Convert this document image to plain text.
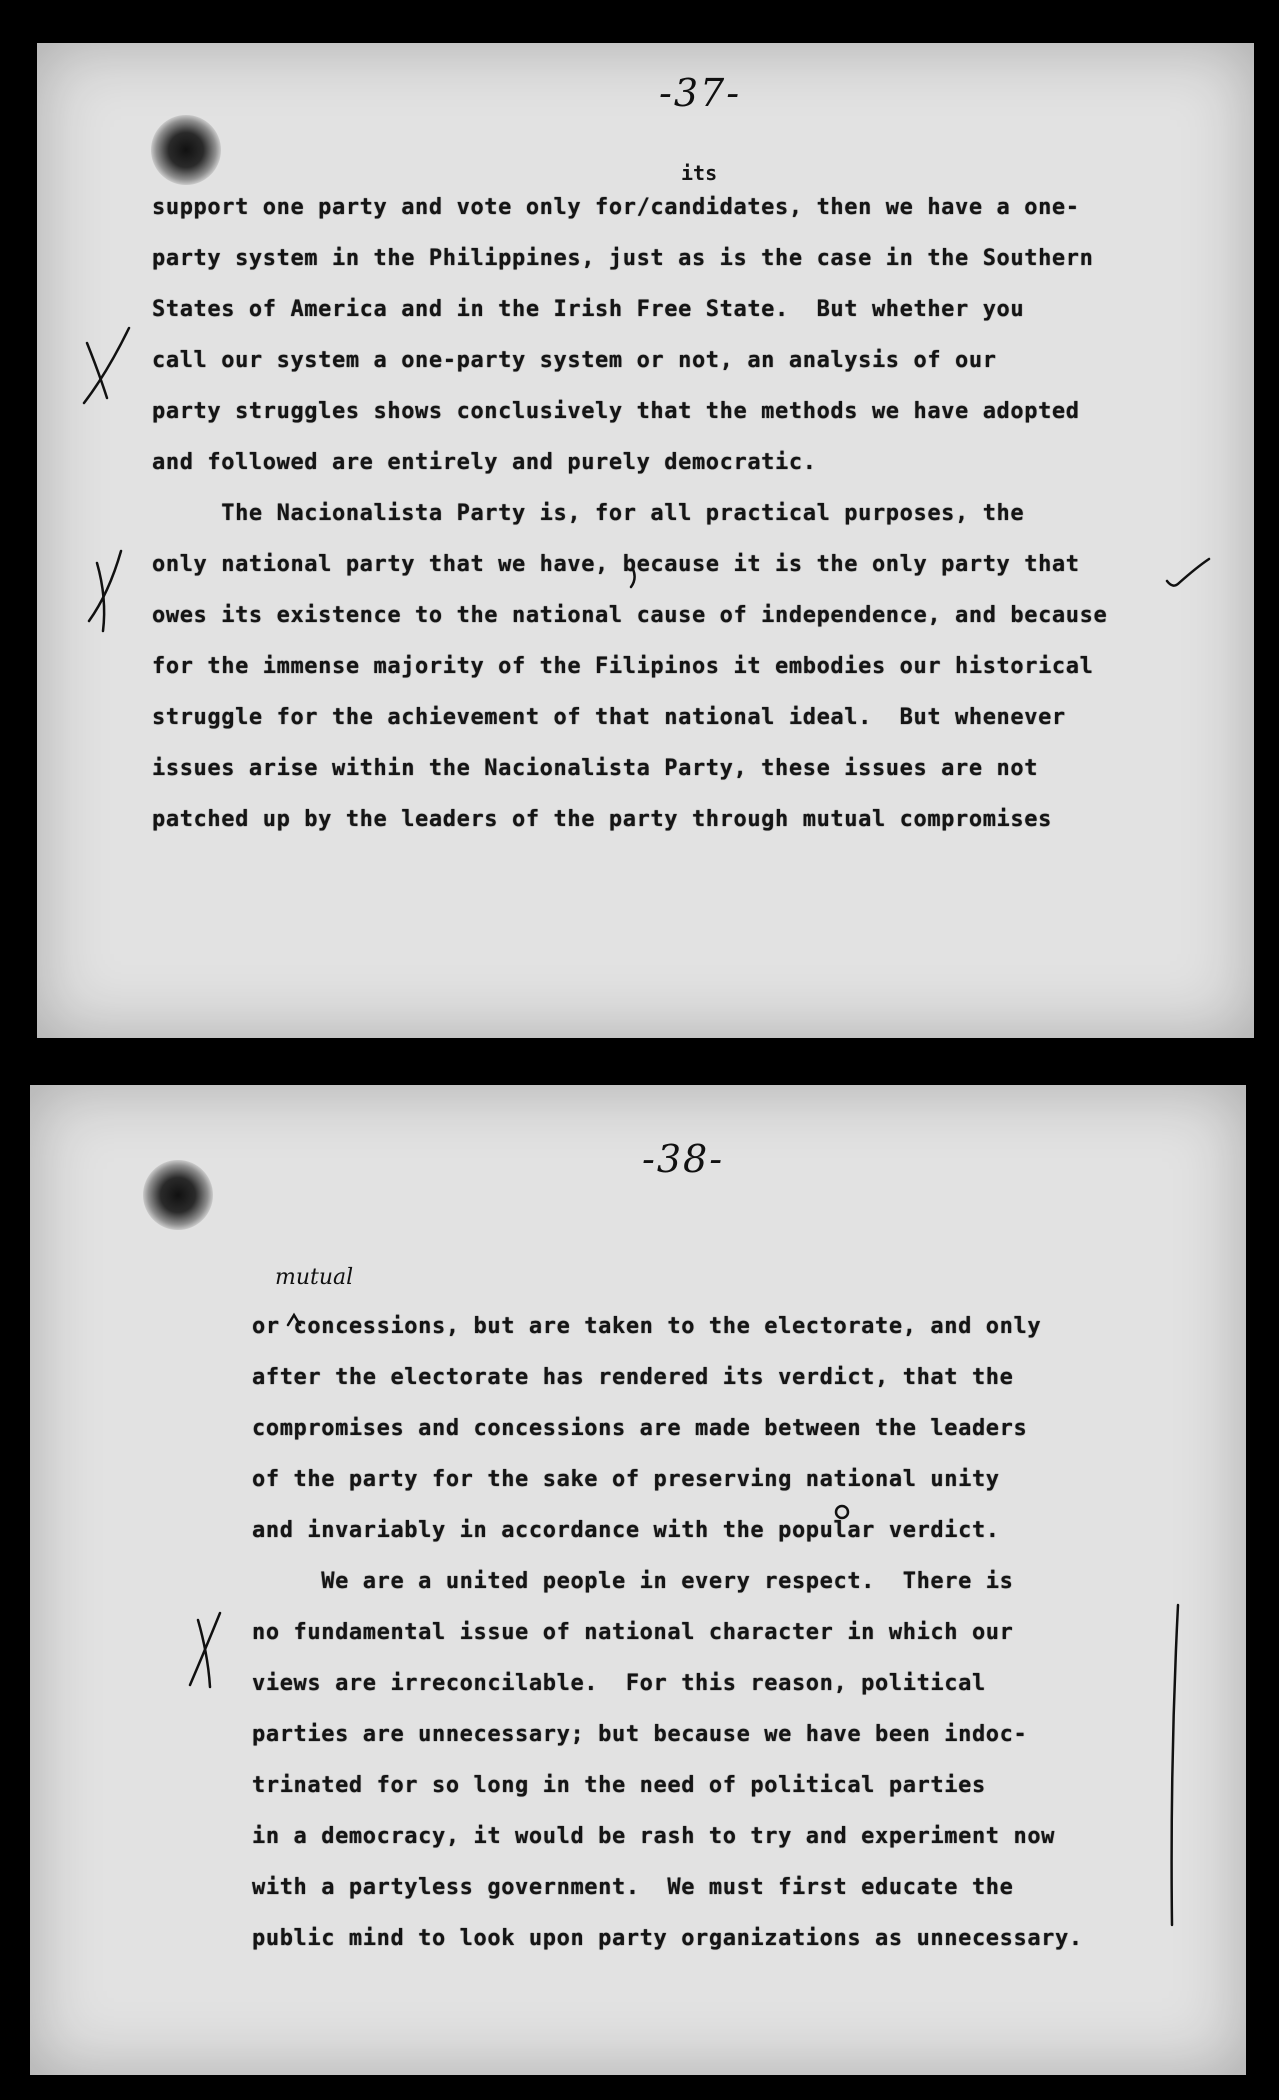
-37-
its
support one party and vote only for/candidates, then we have a one-
party system in the Philippines, just as is the case in the Southern
States of America and in the Irish Free State.  But whether you
call our system a one-party system or not, an analysis of our
party struggles shows conclusively that the methods we have adopted
and followed are entirely and purely democratic.
The Nacionalista Party is, for all practical purposes, the
only national party that we have, because it is the only party that
owes its existence to the national cause of independence, and because
for the immense majority of the Filipinos it embodies our historical
struggle for the achievement of that national ideal.  But whenever
issues arise within the Nacionalista Party, these issues are not
patched up by the leaders of the party through mutual compromises
-38-
mutual
or concessions, but are taken to the electorate, and only
after the electorate has rendered its verdict, that the
compromises and concessions are made between the leaders
of the party for the sake of preserving national unity
and invariably in accordance with the popular verdict.
We are a united people in every respect.  There is
no fundamental issue of national character in which our
views are irreconcilable.  For this reason, political
parties are unnecessary; but because we have been indoc-
trinated for so long in the need of political parties
in a democracy, it would be rash to try and experiment now
with a partyless government.  We must first educate the
public mind to look upon party organizations as unnecessary.
